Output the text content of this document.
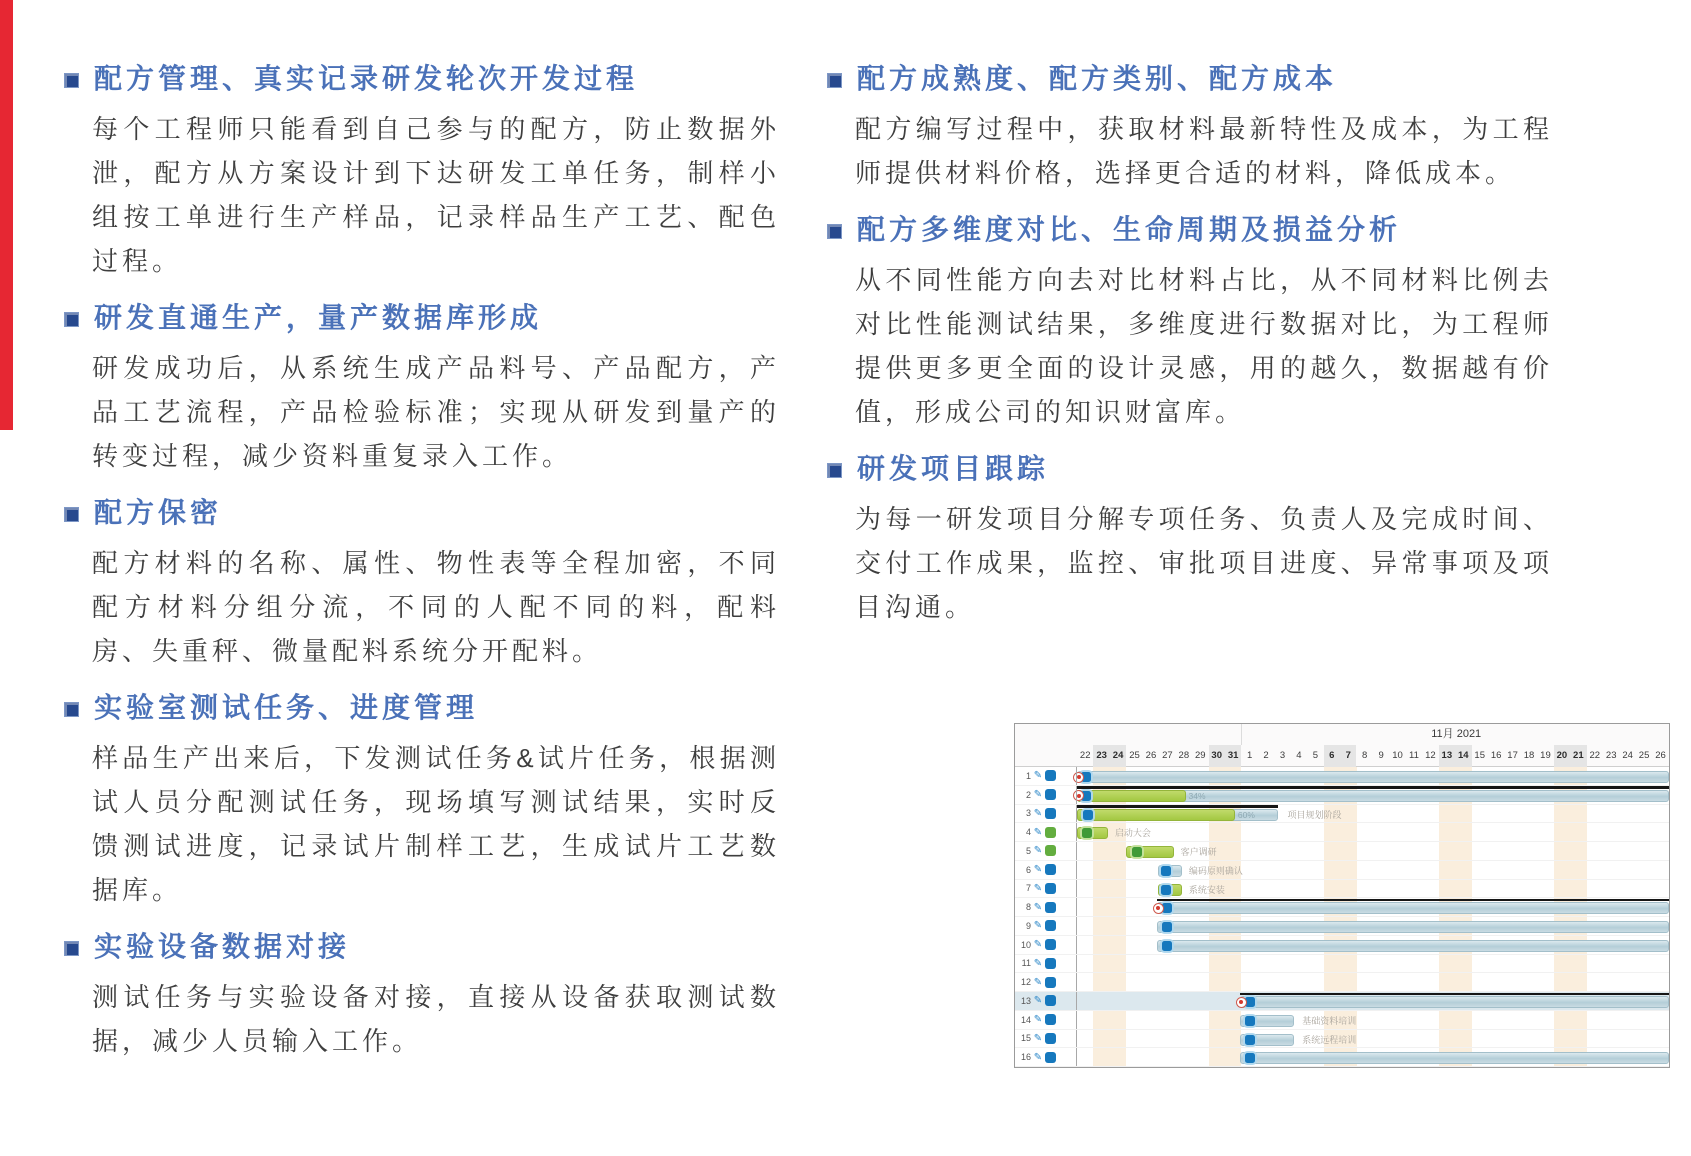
配方管理、真实记录研发轮次开发过程

每个工程师只能看到自己参与的配方，防止数据外泄，配方从方案设计到下达研发工单任务，制样小组按工单进行生产样品，记录样品生产工艺、配色过程。

研发直通生产，量产数据库形成

研发成功后，从系统生成产品料号、产品配方，产品工艺流程，产品检验标准；实现从研发到量产的转变过程，减少资料重复录入工作。

配方保密

配方材料的名称、属性、物性表等全程加密，不同配方材料分组分流，不同的人配不同的料，配料房、失重秤、微量配料系统分开配料。

实验室测试任务、进度管理

样品生产出来后，下发测试任务&试片任务，根据测试人员分配测试任务，现场填写测试结果，实时反馈测试进度，记录试片制样工艺，生成试片工艺数据库。

实验设备数据对接

测试任务与实验设备对接，直接从设备获取测试数据，减少人员输入工作。

配方成熟度、配方类别、配方成本

配方编写过程中，获取材料最新特性及成本，为工程师提供材料价格，选择更合适的材料，降低成本。

配方多维度对比、生命周期及损益分析

从不同性能方向去对比材料占比，从不同材料比例去对比性能测试结果，多维度进行数据对比，为工程师提供更多更全面的设计灵感，用的越久，数据越有价值，形成公司的知识财富库。

研发项目跟踪

为每一研发项目分解专项任务、负责人及完成时间、交付工作成果，监控、审批项目进度、异常事项及项目沟通。

11月 2021
22 23 24 25 26 27 28 29 30 31 1	2	3	4	5	6	7	8	9 10 11 12 13 14 15 16 17 18 19 20 21 22 23 24 25 26
1 ✎
2 ✎	34%
3 ✎	60%	项目规划阶段
4 ✎	启动大会
5 ✎	客户调研
6 ✎	编码原则确认
7 ✎	系统安装
8 ✎
9 ✎
10 ✎
11 ✎
12 ✎
13 ✎
14 ✎	基础资料培训
15 ✎	系统远程培训
16 ✎
